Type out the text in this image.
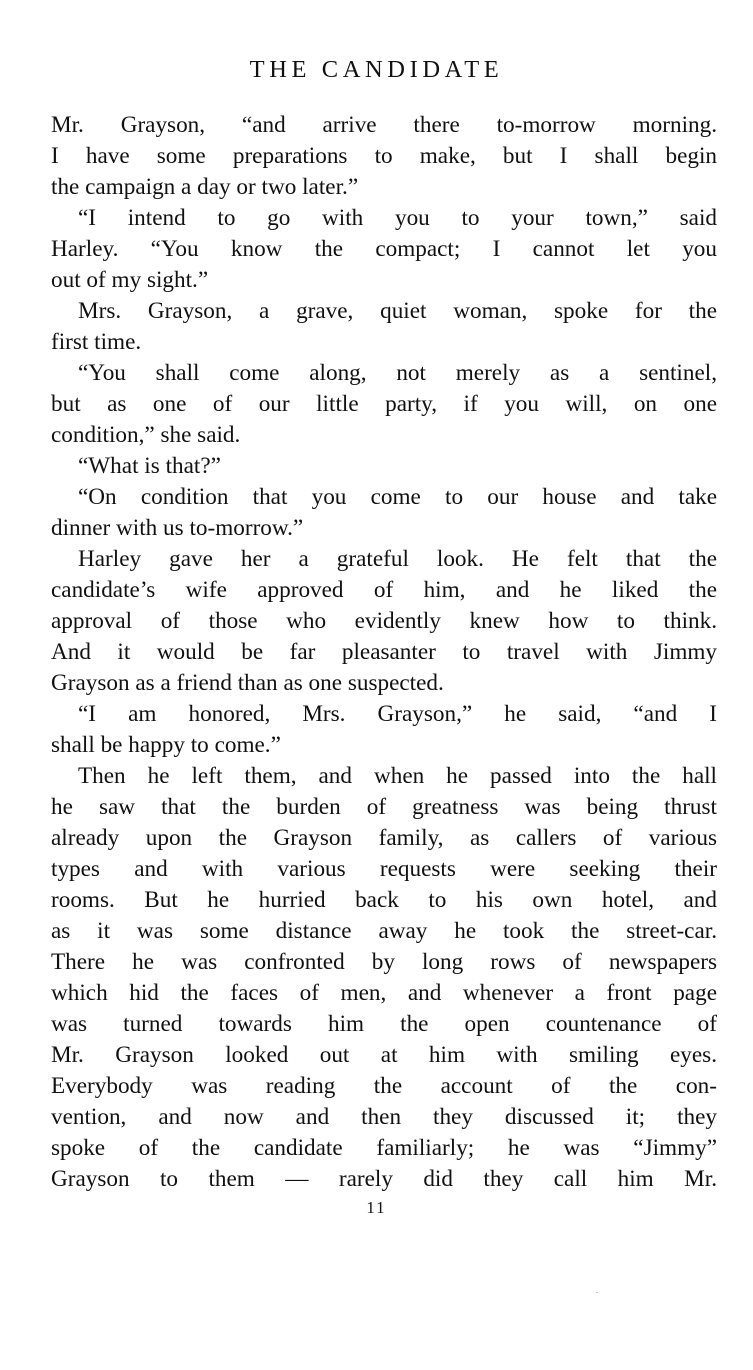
THE CANDIDATE
Mr. Grayson, “and arrive there to-morrow morning.
I have some preparations to make, but I shall begin
the campaign a day or two later.”
“I intend to go with you to your town,” said
Harley. “You know the compact; I cannot let you
out of my sight.”
Mrs. Grayson, a grave, quiet woman, spoke for the
first time.
“You shall come along, not merely as a sentinel,
but as one of our little party, if you will, on one
condition,” she said.
“What is that?”
“On condition that you come to our house and take
dinner with us to-morrow.”
Harley gave her a grateful look. He felt that the
candidate’s wife approved of him, and he liked the
approval of those who evidently knew how to think.
And it would be far pleasanter to travel with Jimmy
Grayson as a friend than as one suspected.
“I am honored, Mrs. Grayson,” he said, “and I
shall be happy to come.”
Then he left them, and when he passed into the hall
he saw that the burden of greatness was being thrust
already upon the Grayson family, as callers of various
types and with various requests were seeking their
rooms. But he hurried back to his own hotel, and
as it was some distance away he took the street-car.
There he was confronted by long rows of newspapers
which hid the faces of men, and whenever a front page
was turned towards him the open countenance of
Mr. Grayson looked out at him with smiling eyes.
Everybody was reading the account of the con-
vention, and now and then they discussed it; they
spoke of the candidate familiarly; he was “Jimmy”
Grayson to them — rarely did they call him Mr.
11
